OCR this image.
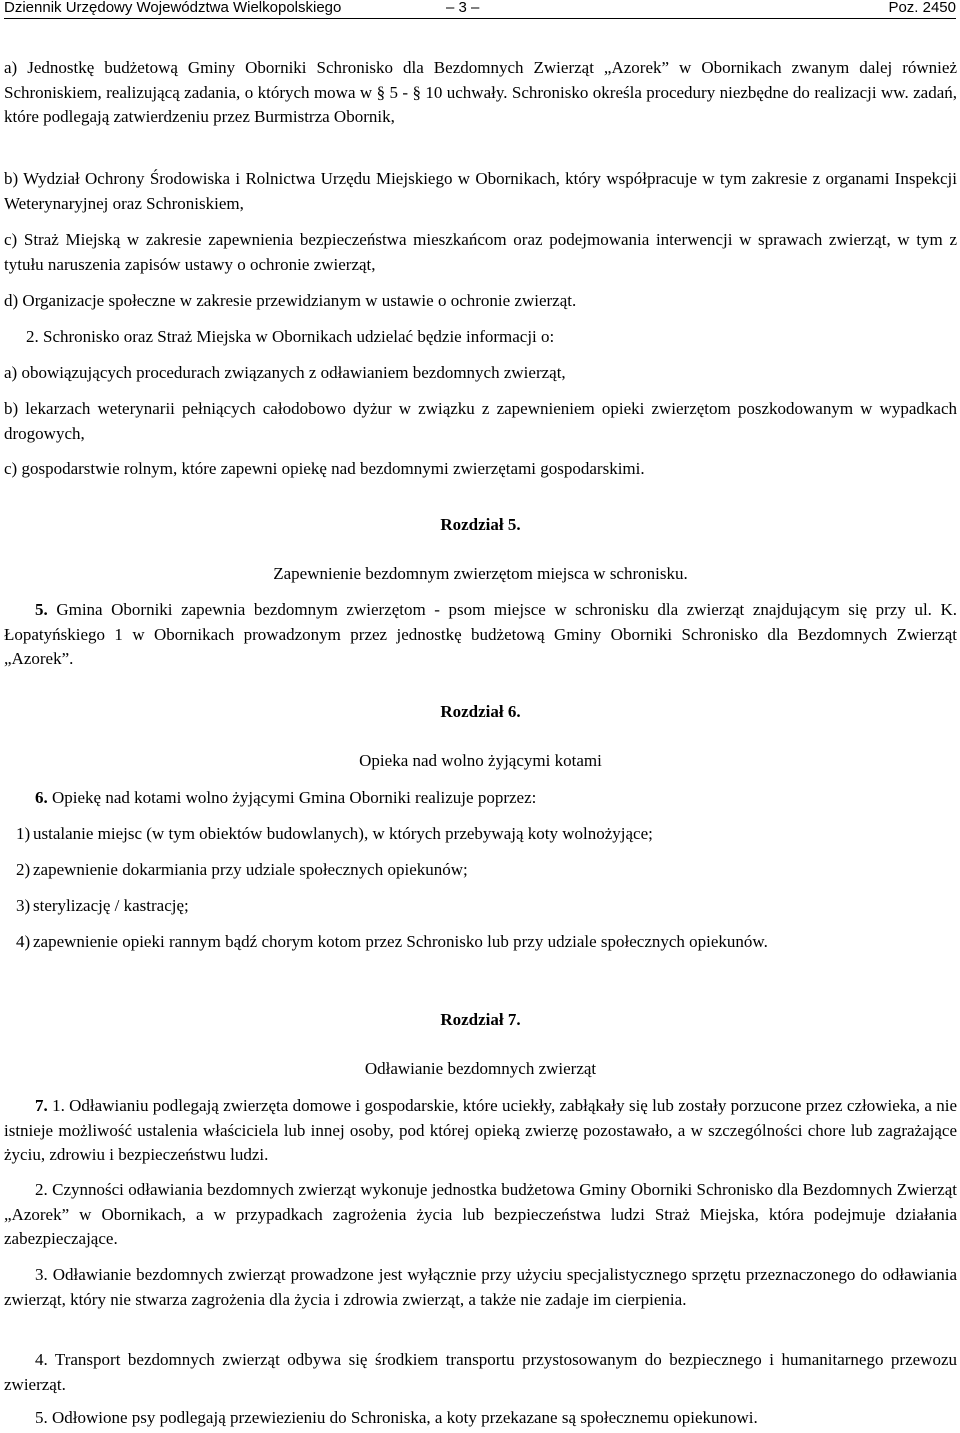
Dziennik Urzędowy Województwa Wielkopolskiego	– 3 –	Poz. 2450

a) Jednostkę budżetową Gminy Oborniki Schronisko dla Bezdomnych Zwierząt „Azorek” w Obornikach zwanym dalej również Schroniskiem, realizującą zadania, o których mowa w § 5 - § 10 uchwały. Schronisko określa procedury niezbędne do realizacji ww. zadań, które podlegają zatwierdzeniu przez Burmistrza Obornik,

b) Wydział Ochrony Środowiska i Rolnictwa Urzędu Miejskiego w Obornikach, który współpracuje w tym zakresie z organami Inspekcji Weterynaryjnej oraz Schroniskiem,

c) Straż Miejską w zakresie zapewnienia bezpieczeństwa mieszkańcom oraz podejmowania interwencji w sprawach zwierząt, w tym z tytułu naruszenia zapisów ustawy o ochronie zwierząt,

d) Organizacje społeczne w zakresie przewidzianym w ustawie o ochronie zwierząt.

2. Schronisko oraz Straż Miejska w Obornikach udzielać będzie informacji o:

a) obowiązujących procedurach związanych z odławianiem bezdomnych zwierząt,

b) lekarzach weterynarii pełniących całodobowo dyżur w związku z zapewnieniem opieki zwierzętom poszkodowanym w wypadkach drogowych,

c) gospodarstwie rolnym, które zapewni opiekę nad bezdomnymi zwierzętami gospodarskimi.

Rozdział 5.

Zapewnienie bezdomnym zwierzętom miejsca w schronisku.

5. Gmina Oborniki zapewnia bezdomnym zwierzętom - psom miejsce w schronisku dla zwierząt znajdującym się przy ul. K. Łopatyńskiego 1 w Obornikach prowadzonym przez jednostkę budżetową Gminy Oborniki Schronisko dla Bezdomnych Zwierząt „Azorek”.

Rozdział 6.

Opieka nad wolno żyjącymi kotami

6. Opiekę nad kotami wolno żyjącymi Gmina Oborniki realizuje poprzez:

1) ustalanie miejsc (w tym obiektów budowlanych), w których przebywają koty wolnożyjące;
2) zapewnienie dokarmiania przy udziale społecznych opiekunów;
3) sterylizację / kastrację;
4) zapewnienie opieki rannym bądź chorym kotom przez Schronisko lub przy udziale społecznych opiekunów.

Rozdział 7.

Odławianie bezdomnych zwierząt

7. 1. Odławianiu podlegają zwierzęta domowe i gospodarskie, które uciekły, zabłąkały się lub zostały porzucone przez człowieka, a nie istnieje możliwość ustalenia właściciela lub innej osoby, pod której opieką zwierzę pozostawało, a w szczególności chore lub zagrażające życiu, zdrowiu i bezpieczeństwu ludzi.

2. Czynności odławiania bezdomnych zwierząt wykonuje jednostka budżetowa Gminy Oborniki Schronisko dla Bezdomnych Zwierząt „Azorek” w Obornikach, a w przypadkach zagrożenia życia lub bezpieczeństwa ludzi Straż Miejska, która podejmuje działania zabezpieczające.

3. Odławianie bezdomnych zwierząt prowadzone jest wyłącznie przy użyciu specjalistycznego sprzętu przeznaczonego do odławiania zwierząt, który nie stwarza zagrożenia dla życia i zdrowia zwierząt, a także nie zadaje im cierpienia.

4. Transport bezdomnych zwierząt odbywa się środkiem transportu przystosowanym do bezpiecznego i humanitarnego przewozu zwierząt.

5. Odłowione psy podlegają przewiezieniu do Schroniska, a koty przekazane są społecznemu opiekunowi.
